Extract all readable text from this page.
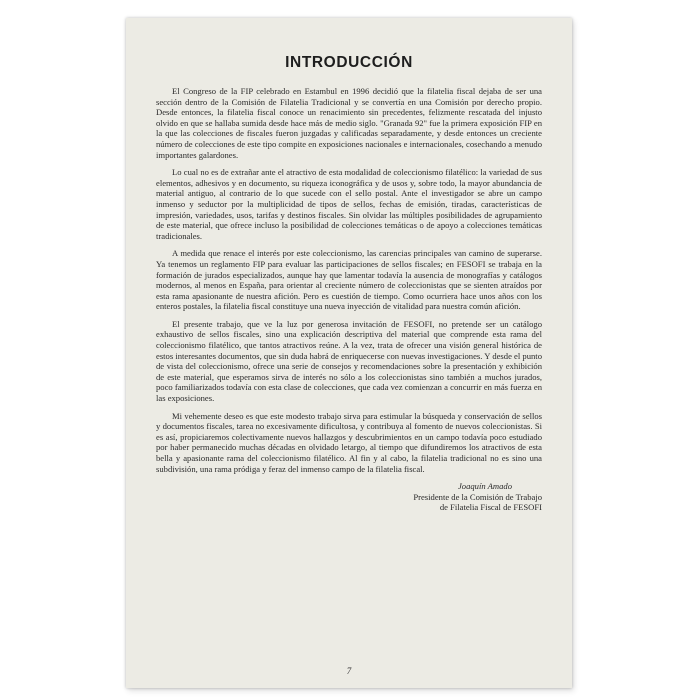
INTRODUCCIÓN

El Congreso de la FIP celebrado en Estambul en 1996 decidió que la filatelia fiscal dejaba de ser una sección dentro de la Comisión de Filatelia Tradicional y se convertía en una Comisión por derecho propio. Desde entonces, la filatelia fiscal conoce un renacimiento sin precedentes, felizmente rescatada del injusto olvido en que se hallaba sumida desde hace más de medio siglo. "Granada 92" fue la primera exposición FIP en la que las colecciones de fiscales fueron juzgadas y calificadas separadamente, y desde entonces un creciente número de colecciones de este tipo compite en exposiciones nacionales e internacionales, cosechando a menudo importantes galardones.

Lo cual no es de extrañar ante el atractivo de esta modalidad de coleccionismo filatélico: la variedad de sus elementos, adhesivos y en documento, su riqueza iconográfica y de usos y, sobre todo, la mayor abundancia de material antiguo, al contrario de lo que sucede con el sello postal. Ante el investigador se abre un campo inmenso y seductor por la multiplicidad de tipos de sellos, fechas de emisión, tiradas, características de impresión, variedades, usos, tarifas y destinos fiscales. Sin olvidar las múltiples posibilidades de agrupamiento de este material, que ofrece incluso la posibilidad de colecciones temáticas o de apoyo a colecciones temáticas tradicionales.

A medida que renace el interés por este coleccionismo, las carencias principales van camino de superarse. Ya tenemos un reglamento FIP para evaluar las participaciones de sellos fiscales; en FESOFI se trabaja en la formación de jurados especializados, aunque hay que lamentar todavía la ausencia de monografías y catálogos modernos, al menos en España, para orientar al creciente número de coleccionistas que se sienten atraídos por esta rama apasionante de nuestra afición. Pero es cuestión de tiempo. Como ocurriera hace unos años con los enteros postales, la filatelia fiscal constituye una nueva inyección de vitalidad para nuestra común afición.

El presente trabajo, que ve la luz por generosa invitación de FESOFI, no pretende ser un catálogo exhaustivo de sellos fiscales, sino una explicación descriptiva del material que comprende esta rama del coleccionismo filatélico, que tantos atractivos reúne. A la vez, trata de ofrecer una visión general histórica de estos interesantes documentos, que sin duda habrá de enriquecerse con nuevas investigaciones. Y desde el punto de vista del coleccionismo, ofrece una serie de consejos y recomendaciones sobre la presentación y exhibición de este material, que esperamos sirva de interés no sólo a los coleccionistas sino también a muchos jurados, poco familiarizados todavía con esta clase de colecciones, que cada vez comienzan a concurrir en más fuerza en las exposiciones.

Mi vehemente deseo es que este modesto trabajo sirva para estimular la búsqueda y conservación de sellos y documentos fiscales, tarea no excesivamente dificultosa, y contribuya al fomento de nuevos coleccionistas. Si es así, propiciaremos colectivamente nuevos hallazgos y descubrimientos en un campo todavía poco estudiado por haber permanecido muchas décadas en olvidado letargo, al tiempo que difundiremos los atractivos de esta bella y apasionante rama del coleccionismo filatélico. Al fin y al cabo, la filatelia tradicional no es sino una subdivisión, una rama pródiga y feraz del inmenso campo de la filatelia fiscal.

Joaquín Amado
Presidente de la Comisión de Trabajo
de Filatelia Fiscal de FESOFI
7
